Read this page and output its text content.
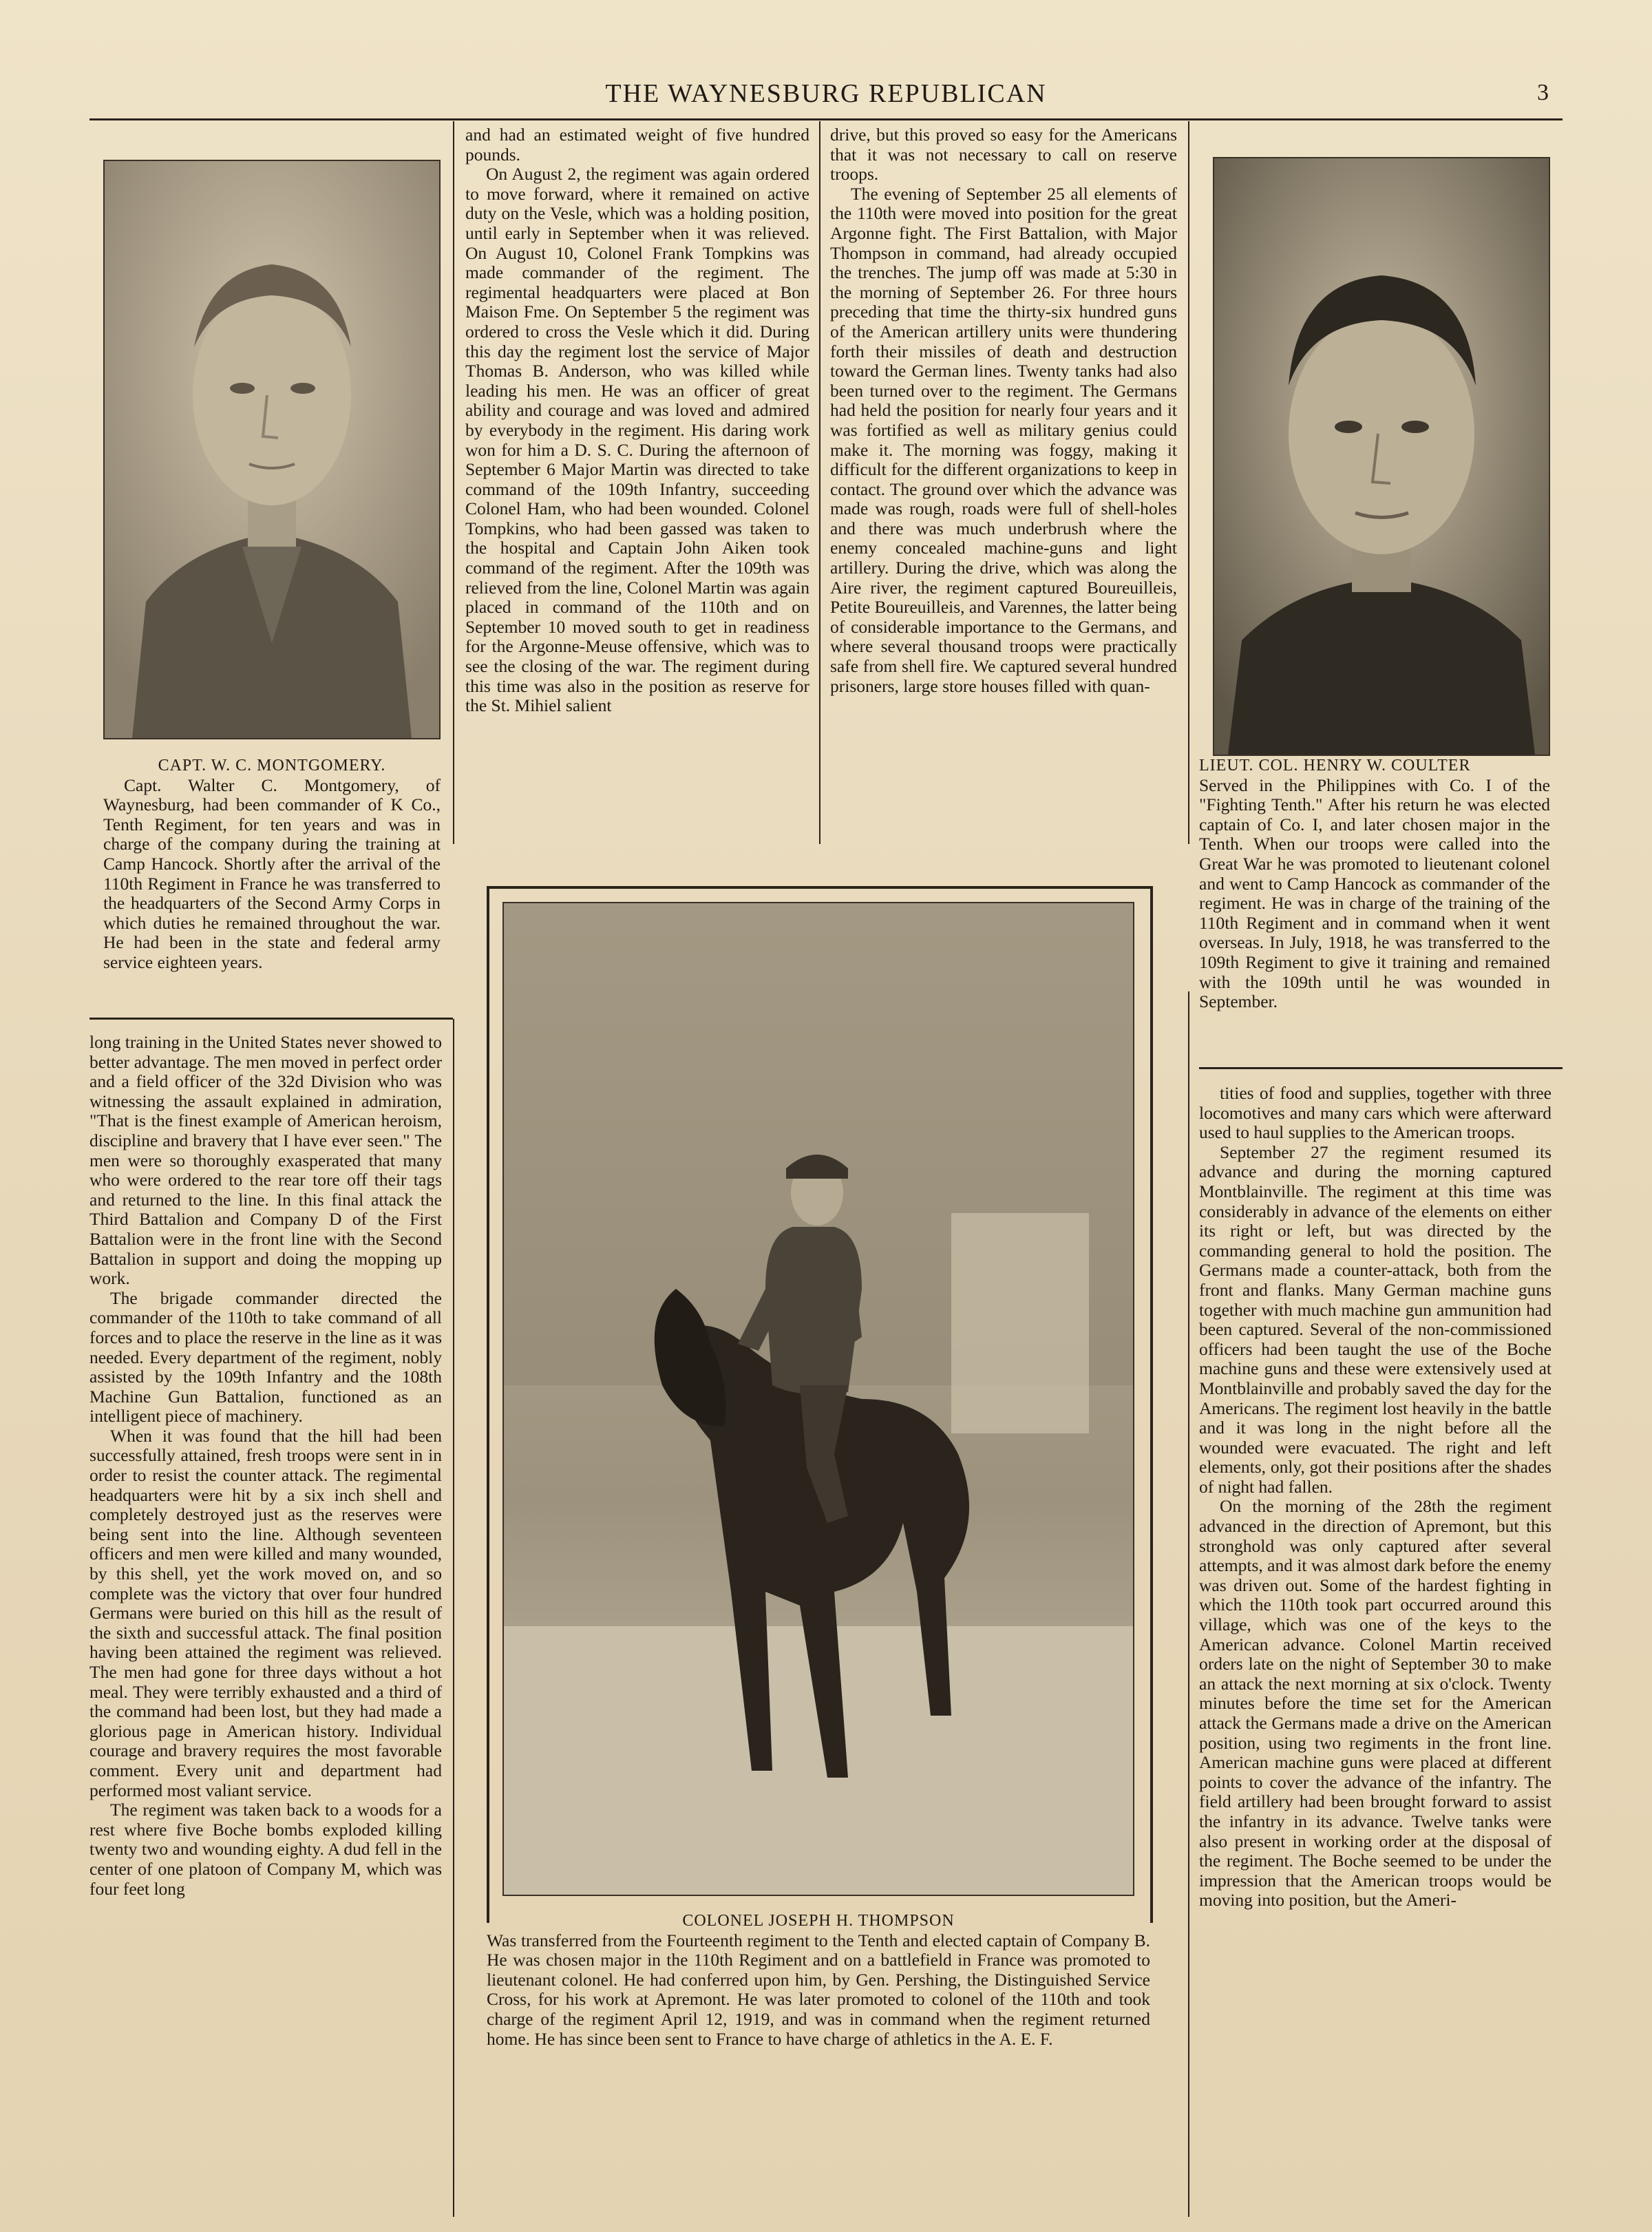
THE WAYNESBURG REPUBLICAN	3

CAPT. W. C. MONTGOMERY.

Capt. Walter C. Montgomery, of Waynesburg, had been commander of K Co., Tenth Regiment, for ten years and was in charge of the company during the training at Camp Hancock. Shortly after the arrival of the 110th Regiment in France he was transferred to the headquarters of the Second Army Corps in which duties he remained throughout the war. He had been in the state and federal army service eighteen years.

and had an estimated weight of five hundred pounds.

On August 2, the regiment was again ordered to move forward, where it remained on active duty on the Vesle, which was a holding position, until early in September when it was relieved. On August 10, Colonel Frank Tompkins was made commander of the regiment. The regimental headquarters were placed at Bon Maison Fme. On September 5 the regiment was ordered to cross the Vesle which it did. During this day the regiment lost the service of Major Thomas B. Anderson, who was killed while leading his men. He was an officer of great ability and courage and was loved and admired by everybody in the regiment. His daring work won for him a D. S. C. During the afternoon of September 6 Major Martin was directed to take command of the 109th Infantry, succeeding Colonel Ham, who had been wounded. Colonel Tompkins, who had been gassed was taken to the hospital and Captain John Aiken took command of the regiment. After the 109th was relieved from the line, Colonel Martin was again placed in command of the 110th and on September 10 moved south to get in readiness for the Argonne-Meuse offensive, which was to see the closing of the war. The regiment during this time was also in the position as reserve for the St. Mihiel salient

drive, but this proved so easy for the Americans that it was not necessary to call on reserve troops.

The evening of September 25 all elements of the 110th were moved into position for the great Argonne fight. The First Battalion, with Major Thompson in command, had already occupied the trenches. The jump off was made at 5:30 in the morning of September 26. For three hours preceding that time the thirty-six hundred guns of the American artillery units were thundering forth their missiles of death and destruction toward the German lines. Twenty tanks had also been turned over to the regiment. The Germans had held the position for nearly four years and it was fortified as well as military genius could make it. The morning was foggy, making it difficult for the different organizations to keep in contact. The ground over which the advance was made was rough, roads were full of shell-holes and there was much underbrush where the enemy concealed machine-guns and light artillery. During the drive, which was along the Aire river, the regiment captured Boureuilleis, Petite Boureuilleis, and Varennes, the latter being of considerable importance to the Germans, and where several thousand troops were practically safe from shell fire. We captured several hundred prisoners, large store houses filled with quan-

LIEUT. COL. HENRY W. COULTER

Served in the Philippines with Co. I of the "Fighting Tenth." After his return he was elected captain of Co. I, and later chosen major in the Tenth. When our troops were called into the Great War he was promoted to lieutenant colonel and went to Camp Hancock as commander of the regiment. He was in charge of the training of the 110th Regiment and in command when it went overseas. In July, 1918, he was transferred to the 109th Regiment to give it training and remained with the 109th until he was wounded in September.

long training in the United States never showed to better advantage. The men moved in perfect order and a field officer of the 32d Division who was witnessing the assault explained in admiration, "That is the finest example of American heroism, discipline and bravery that I have ever seen." The men were so thoroughly exasperated that many who were ordered to the rear tore off their tags and returned to the line. In this final attack the Third Battalion and Company D of the First Battalion were in the front line with the Second Battalion in support and doing the mopping up work.

The brigade commander directed the commander of the 110th to take command of all forces and to place the reserve in the line as it was needed. Every department of the regiment, nobly assisted by the 109th Infantry and the 108th Machine Gun Battalion, functioned as an intelligent piece of machinery.

When it was found that the hill had been successfully attained, fresh troops were sent in in order to resist the counter attack. The regimental headquarters were hit by a six inch shell and completely destroyed just as the reserves were being sent into the line. Although seventeen officers and men were killed and many wounded, by this shell, yet the work moved on, and so complete was the victory that over four hundred Germans were buried on this hill as the result of the sixth and successful attack. The final position having been attained the regiment was relieved. The men had gone for three days without a hot meal. They were terribly exhausted and a third of the command had been lost, but they had made a glorious page in American history. Individual courage and bravery requires the most favorable comment. Every unit and department had performed most valiant service.

The regiment was taken back to a woods for a rest where five Boche bombs exploded killing twenty two and wounding eighty. A dud fell in the center of one platoon of Company M, which was four feet long

COLONEL JOSEPH H. THOMPSON

Was transferred from the Fourteenth regiment to the Tenth and elected captain of Company B. He was chosen major in the 110th Regiment and on a battlefield in France was promoted to lieutenant colonel. He had conferred upon him, by Gen. Pershing, the Distinguished Service Cross, for his work at Apremont. He was later promoted to colonel of the 110th and took charge of the regiment April 12, 1919, and was in command when the regiment returned home. He has since been sent to France to have charge of athletics in the A. E. F.

tities of food and supplies, together with three locomotives and many cars which were afterward used to haul supplies to the American troops.

September 27 the regiment resumed its advance and during the morning captured Montblainville. The regiment at this time was considerably in advance of the elements on either its right or left, but was directed by the commanding general to hold the position. The Germans made a counter-attack, both from the front and flanks. Many German machine guns together with much machine gun ammunition had been captured. Several of the non-commissioned officers had been taught the use of the Boche machine guns and these were extensively used at Montblainville and probably saved the day for the Americans. The regiment lost heavily in the battle and it was long in the night before all the wounded were evacuated. The right and left elements, only, got their positions after the shades of night had fallen.

On the morning of the 28th the regiment advanced in the direction of Apremont, but this stronghold was only captured after several attempts, and it was almost dark before the enemy was driven out. Some of the hardest fighting in which the 110th took part occurred around this village, which was one of the keys to the American advance. Colonel Martin received orders late on the night of September 30 to make an attack the next morning at six o'clock. Twenty minutes before the time set for the American attack the Germans made a drive on the American position, using two regiments in the front line. American machine guns were placed at different points to cover the advance of the infantry. The field artillery had been brought forward to assist the infantry in its advance. Twelve tanks were also present in working order at the disposal of the regiment. The Boche seemed to be under the impression that the American troops would be moving into position, but the Ameri-
